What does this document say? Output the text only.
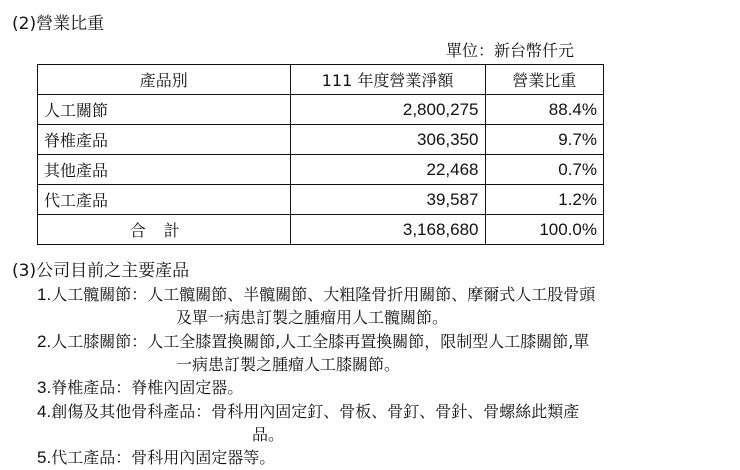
(2)營業比重
單位：新台幣仟元
產品別	111 年度營業淨額	營業比重
人工關節	2,800,275	88.4%
脊椎產品	306,350	9.7%
其他產品	22,468	0.7%
代工產品	39,587	1.2%
合計	3,168,680	100.0%
(3)公司目前之主要產品
1.人工髖關節：人工髖關節、半髖關節、大粗隆骨折用關節、摩爾式人工股骨頭
及單一病患訂製之腫瘤用人工髖關節。
2.人工膝關節：人工全膝置換關節,人工全膝再置換關節，限制型人工膝關節,單
一病患訂製之腫瘤人工膝關節。
3.脊椎產品：脊椎內固定器。
4.創傷及其他骨科產品：骨科用內固定釘、骨板、骨釘、骨針、骨螺絲此類產
品。
5.代工產品：骨科用內固定器等。
